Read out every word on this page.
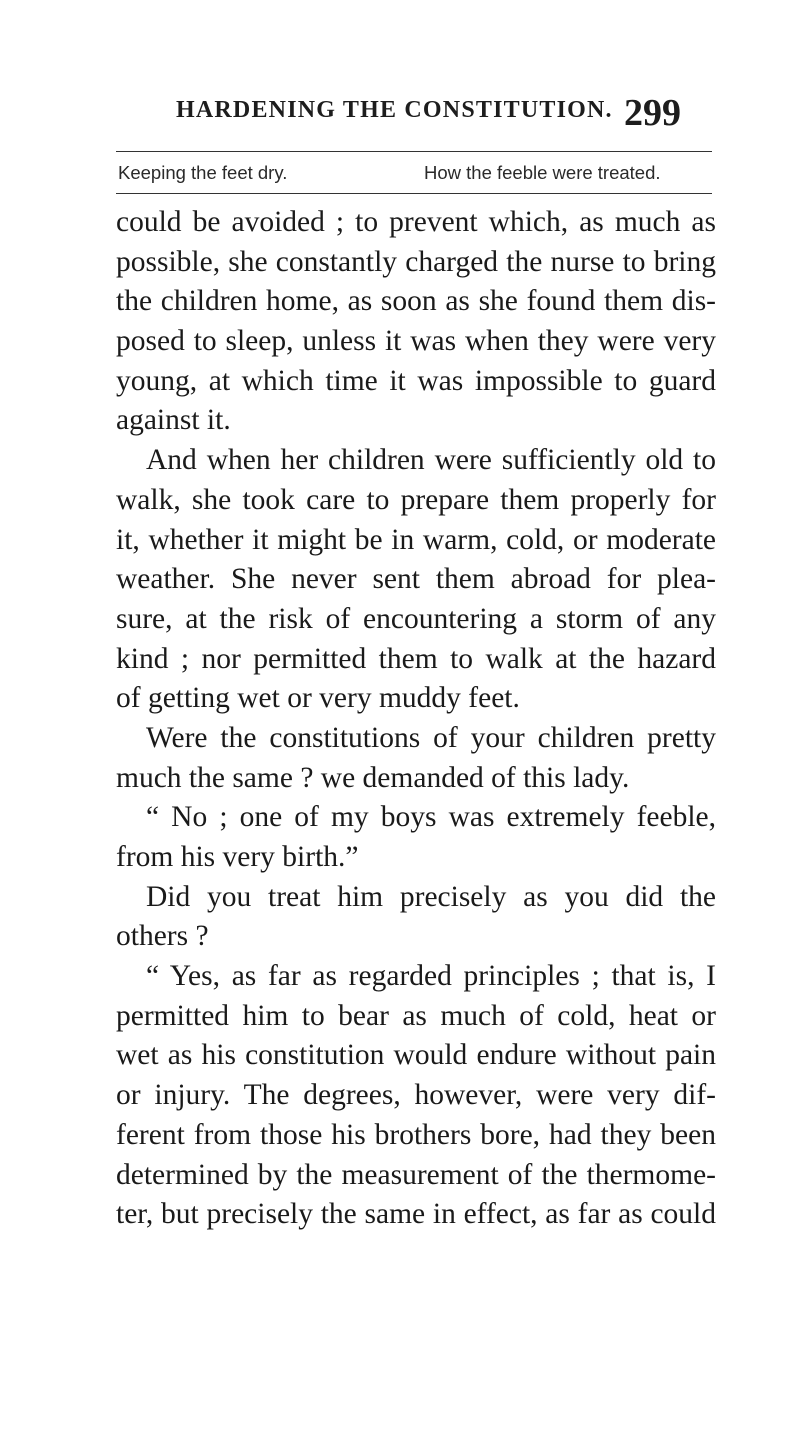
HARDENING THE CONSTITUTION. 299
Keeping the feet dry.	How the feeble were treated.
could be avoided ; to prevent which, as much as
possible, she constantly charged the nurse to bring
the children home, as soon as she found them dis-
posed to sleep, unless it was when they were very
young, at which time it was impossible to guard
against it.
And when her children were sufficiently old to
walk, she took care to prepare them properly for
it, whether it might be in warm, cold, or moderate
weather. She never sent them abroad for plea-
sure, at the risk of encountering a storm of any
kind ; nor permitted them to walk at the hazard
of getting wet or very muddy feet.
Were the constitutions of your children pretty
much the same ? we demanded of this lady.
“ No ; one of my boys was extremely feeble,
from his very birth.”
Did you treat him precisely as you did the
others ?
“ Yes, as far as regarded principles ; that is, I
permitted him to bear as much of cold, heat or
wet as his constitution would endure without pain
or injury. The degrees, however, were very dif-
ferent from those his brothers bore, had they been
determined by the measurement of the thermome-
ter, but precisely the same in effect, as far as could
